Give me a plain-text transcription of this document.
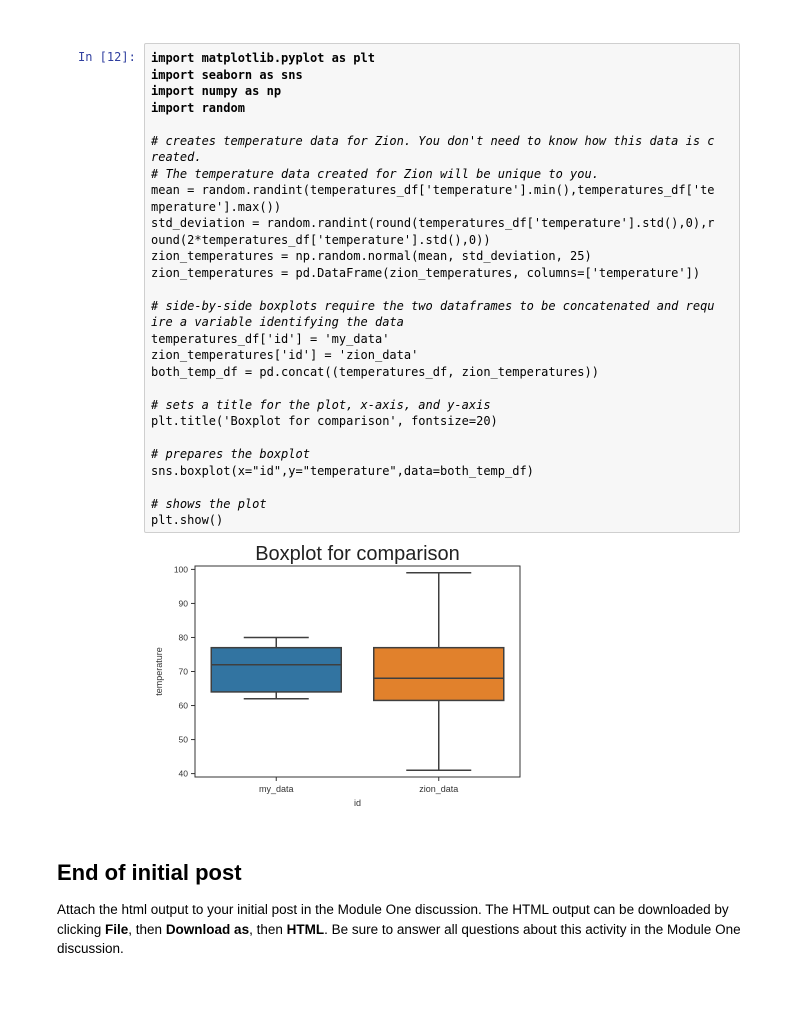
In [12]: import matplotlib.pyplot as plt
import seaborn as sns
import numpy as np
import random

# creates temperature data for Zion. You don't need to know how this data is c
reated.
# The temperature data created for Zion will be unique to you.
mean = random.randint(temperatures_df['temperature'].min(),temperatures_df['te
mperature'].max())
std_deviation = random.randint(round(temperatures_df['temperature'].std(),0),r
ound(2*temperatures_df['temperature'].std(),0))
zion_temperatures = np.random.normal(mean, std_deviation, 25)
zion_temperatures = pd.DataFrame(zion_temperatures, columns=['temperature'])

# side-by-side boxplots require the two dataframes to be concatenated and requ
ire a variable identifying the data
temperatures_df['id'] = 'my_data'
zion_temperatures['id'] = 'zion_data'
both_temp_df = pd.concat((temperatures_df, zion_temperatures))

# sets a title for the plot, x-axis, and y-axis
plt.title('Boxplot for comparison', fontsize=20)

# prepares the boxplot
sns.boxplot(x="id",y="temperature",data=both_temp_df)

# shows the plot
plt.show()
Boxplot for comparison
40
50
60
70
80
90
100
temperature
my_data	zion_data
id
End of initial post

Attach the html output to your initial post in the Module One discussion. The HTML output can be downloaded by clicking File, then Download as, then HTML. Be sure to answer all questions about this activity in the Module One discussion.
